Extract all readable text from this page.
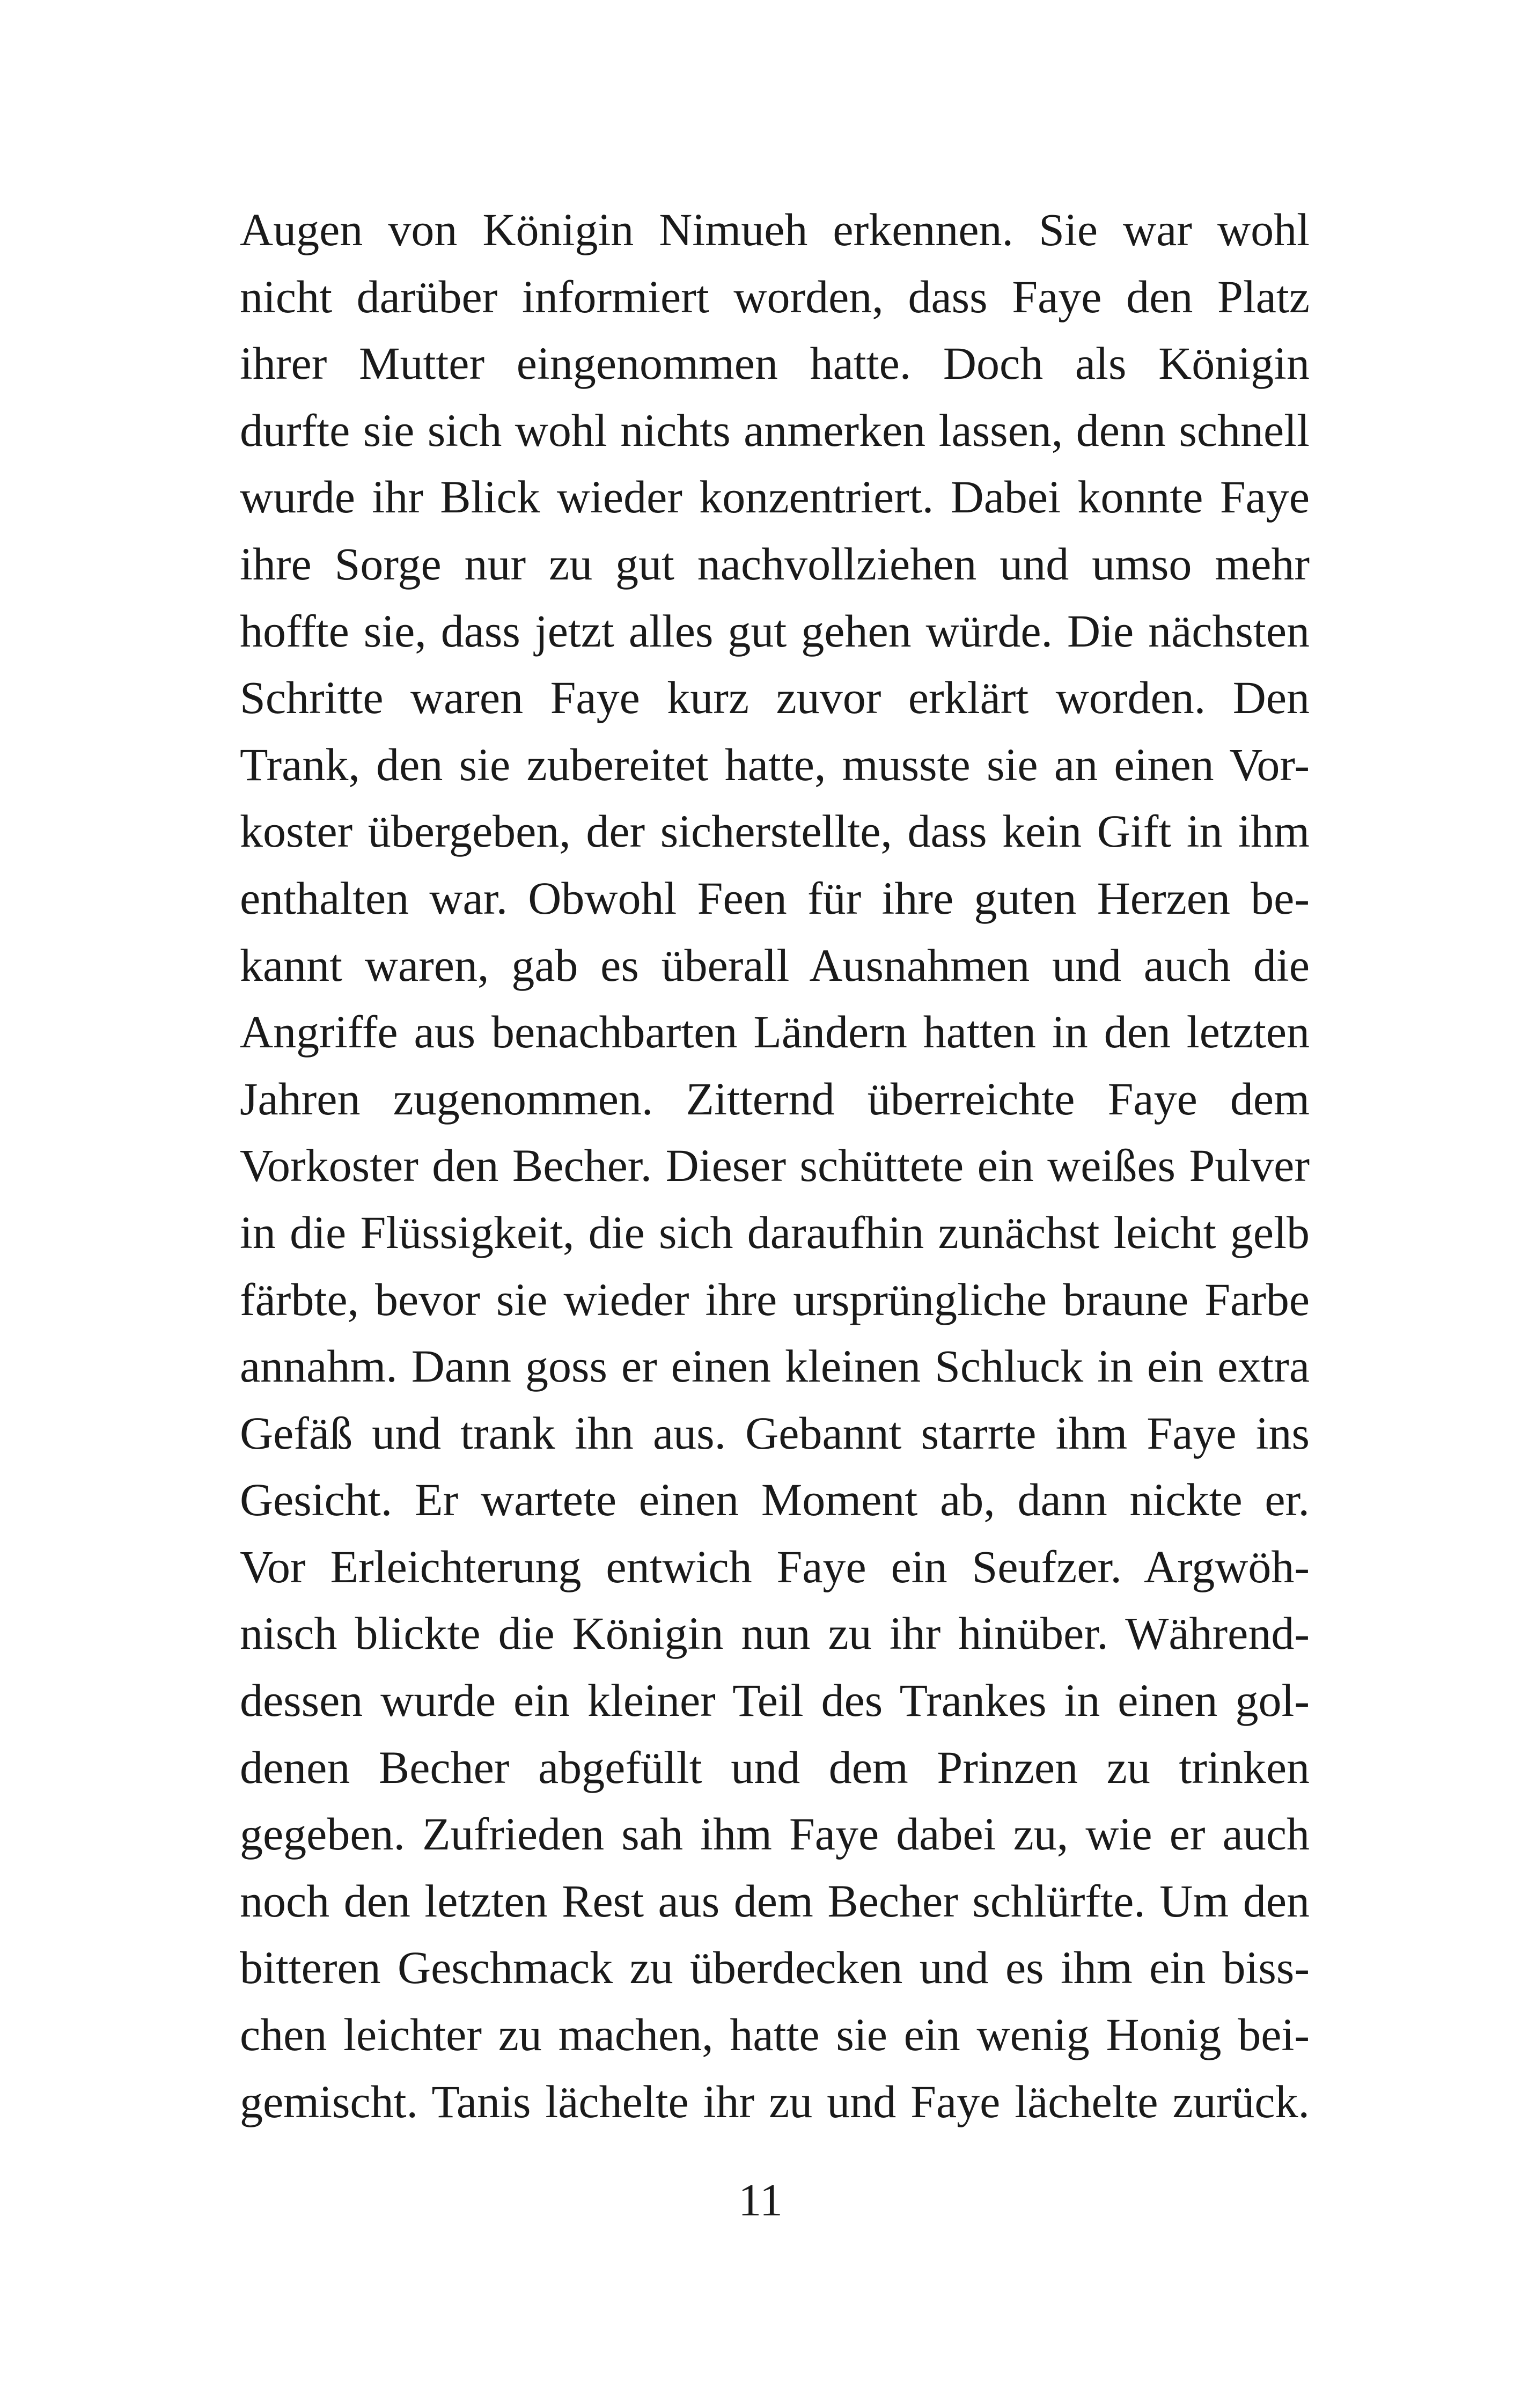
Augen von Königin Nimueh erkennen. Sie war wohl
nicht darüber informiert worden, dass Faye den Platz
ihrer Mutter eingenommen hatte. Doch als Königin
durfte sie sich wohl nichts anmerken lassen, denn schnell
wurde ihr Blick wieder konzentriert. Dabei konnte Faye
ihre Sorge nur zu gut nachvollziehen und umso mehr
hoffte sie, dass jetzt alles gut gehen würde. Die nächsten
Schritte waren Faye kurz zuvor erklärt worden. Den
Trank, den sie zubereitet hatte, musste sie an einen Vor-
koster übergeben, der sicherstellte, dass kein Gift in ihm
enthalten war. Obwohl Feen für ihre guten Herzen be-
kannt waren, gab es überall Ausnahmen und auch die
Angriffe aus benachbarten Ländern hatten in den letzten
Jahren zugenommen. Zitternd überreichte Faye dem
Vorkoster den Becher. Dieser schüttete ein weißes Pulver
in die Flüssigkeit, die sich daraufhin zunächst leicht gelb
färbte, bevor sie wieder ihre ursprüngliche braune Farbe
annahm. Dann goss er einen kleinen Schluck in ein extra
Gefäß und trank ihn aus. Gebannt starrte ihm Faye ins
Gesicht. Er wartete einen Moment ab, dann nickte er.
Vor Erleichterung entwich Faye ein Seufzer. Argwöh-
nisch blickte die Königin nun zu ihr hinüber. Während-
dessen wurde ein kleiner Teil des Trankes in einen gol-
denen Becher abgefüllt und dem Prinzen zu trinken
gegeben. Zufrieden sah ihm Faye dabei zu, wie er auch
noch den letzten Rest aus dem Becher schlürfte. Um den
bitteren Geschmack zu überdecken und es ihm ein biss-
chen leichter zu machen, hatte sie ein wenig Honig bei-
gemischt. Tanis lächelte ihr zu und Faye lächelte zurück.
11
